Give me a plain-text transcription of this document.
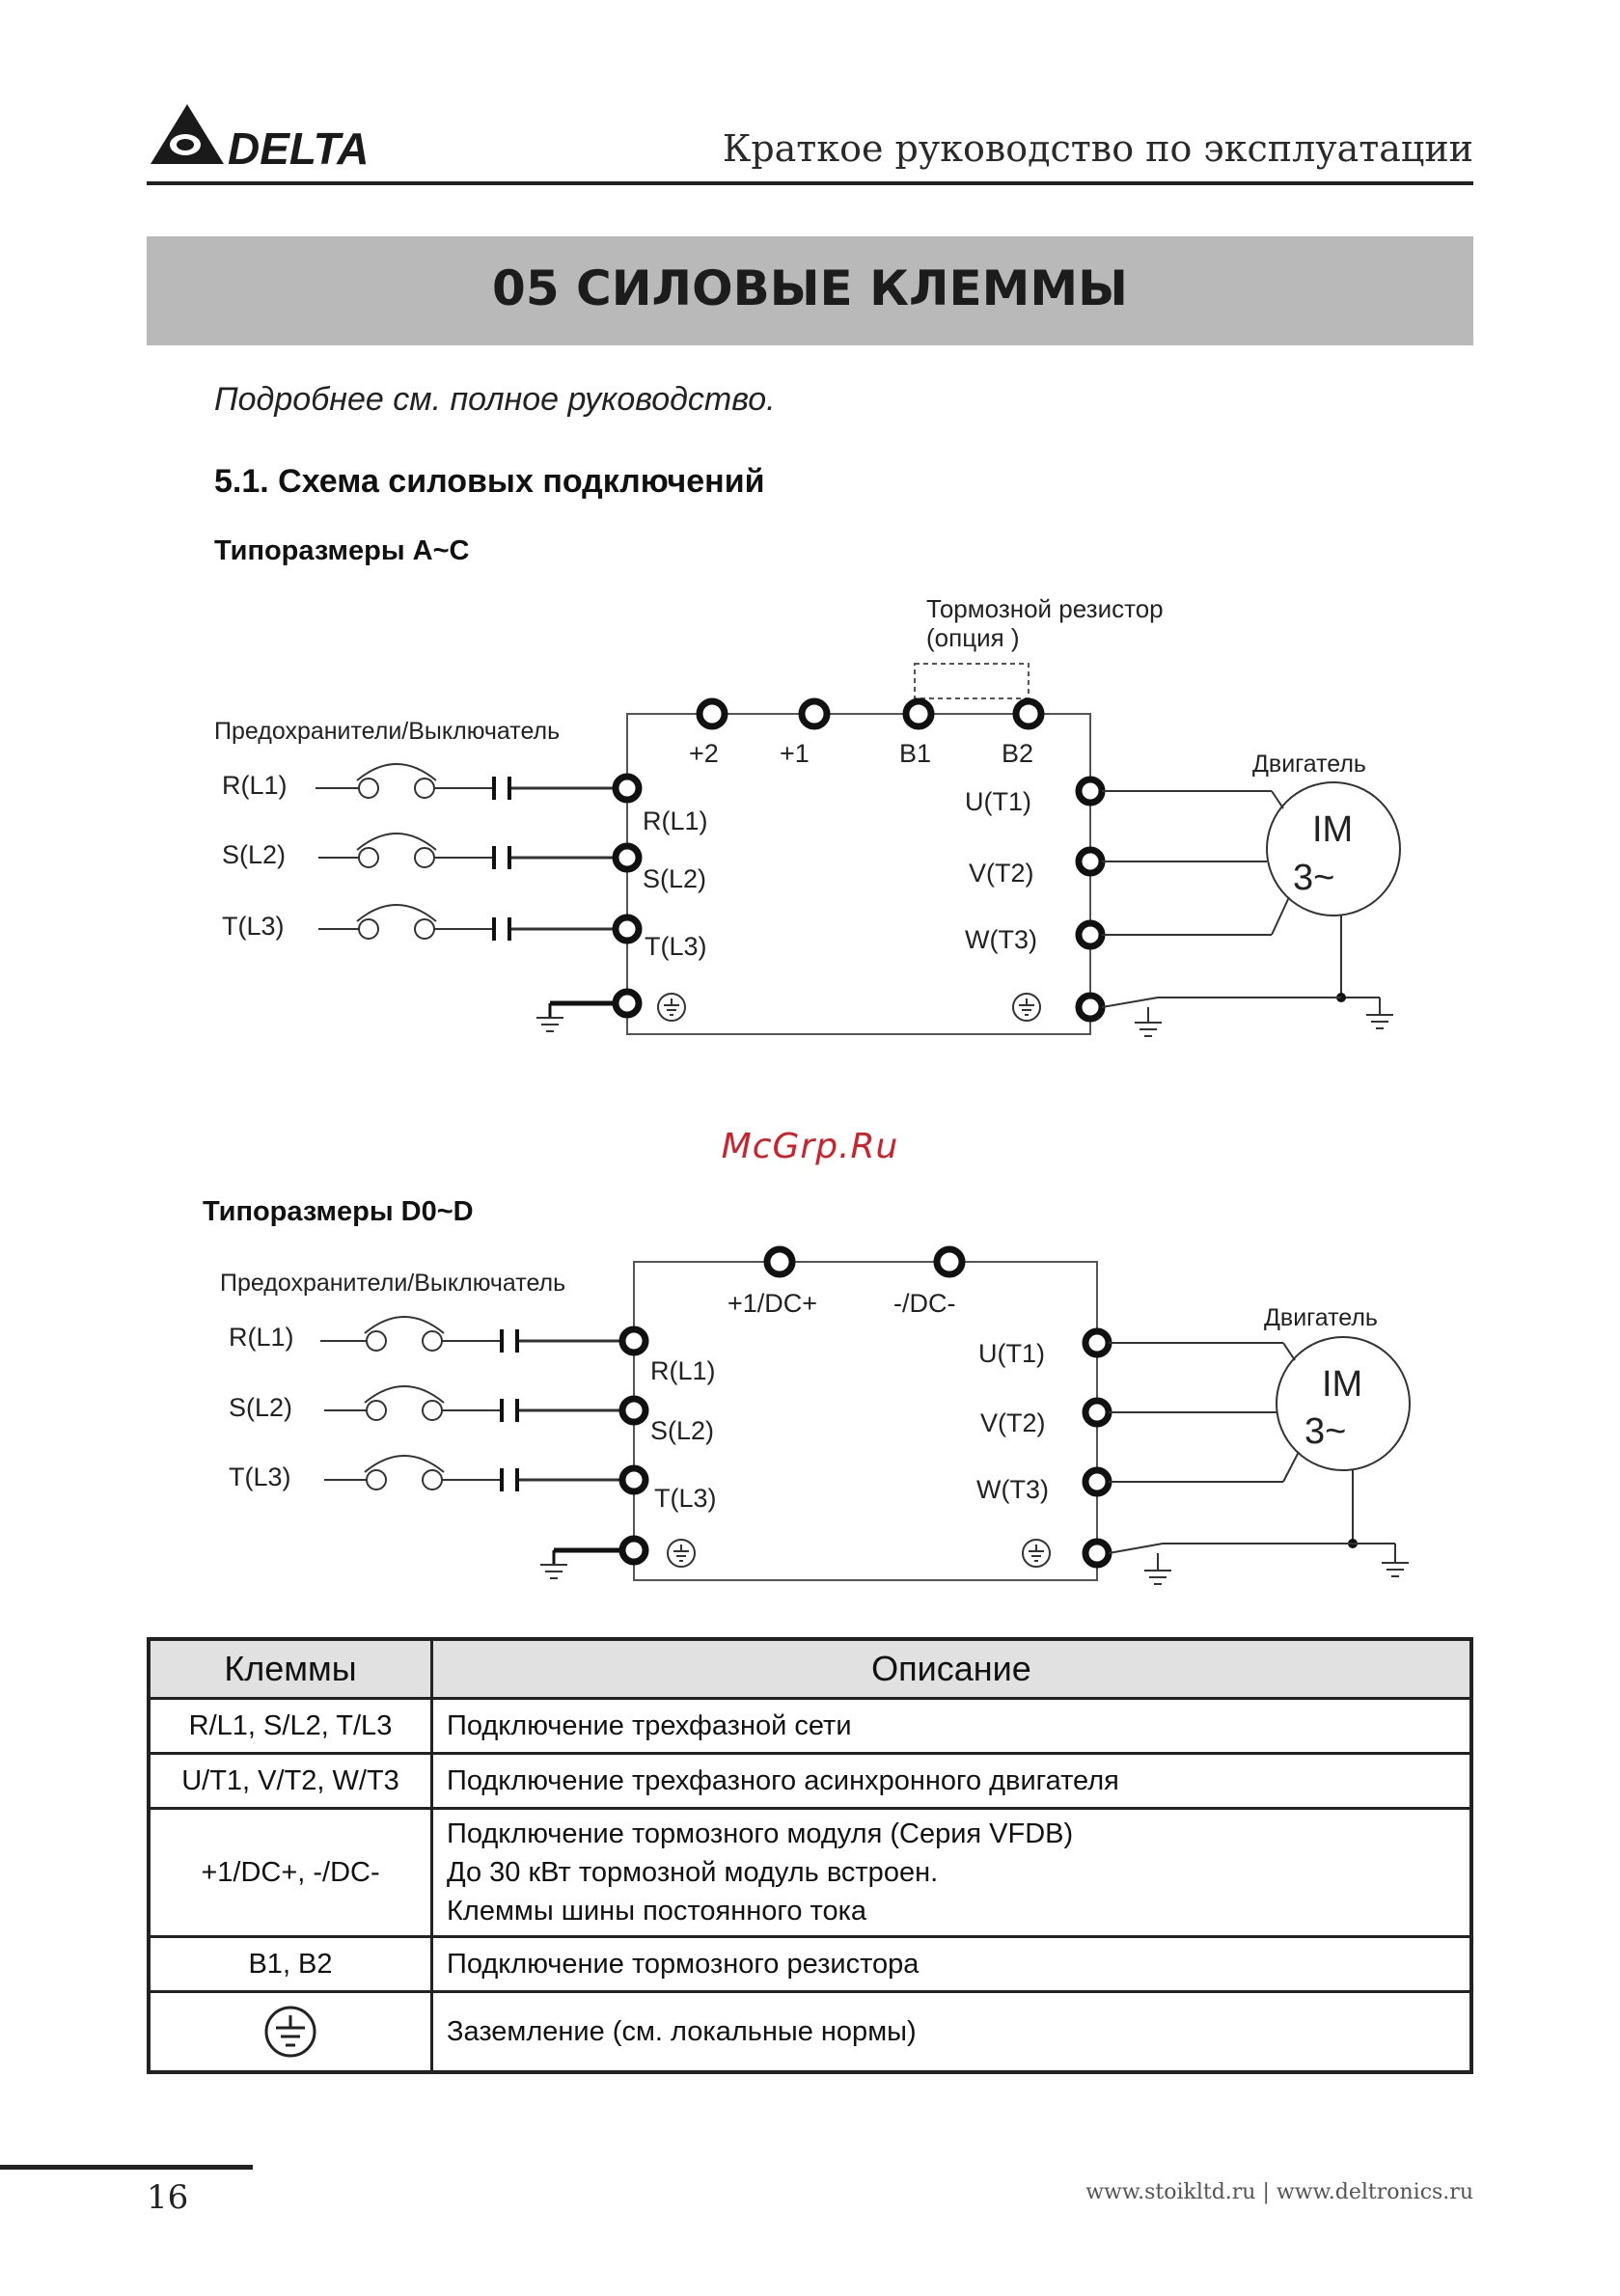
DELTA	Краткое руководство по эксплуатации
05 СИЛОВЫЕ КЛЕММЫ
Подробнее см. полное руководство.
5.1. Схема силовых подключений
Типоразмеры A~C
Типоразмеры D0~D
Тормозной резистор
(опция )
+2 +1	B1	B2
Предохранители/Выключатель
R(L1)
R(L1)
S(L2)
S(L2)
T(L3)
T(L3)
U(T1)
V(T2)
W(T3)
Двигатель
IM
3~
+1/DC+	-/DC-
Предохранители/Выключатель
R(L1)
R(L1)
S(L2)
S(L2)
T(L3)
T(L3)
U(T1)
V(T2)
W(T3)
Двигатель
IM
3~
McGrp.Ru
Клеммы	Описание
R/L1, S/L2, T/L3	Подключение трехфазной сети
U/T1, V/T2, W/T3	Подключение трехфазного асинхронного двигателя
+1/DC+, -/DC-	Подключение тормозного модуля (Серия VFDB)
До 30 кВт тормозной модуль встроен.
Клеммы шины постоянного тока

B1, B2	Подключение тормозного резистора
	Заземление (см. локальные нормы)
16	www.stoikltd.ru | www.deltronics.ru
